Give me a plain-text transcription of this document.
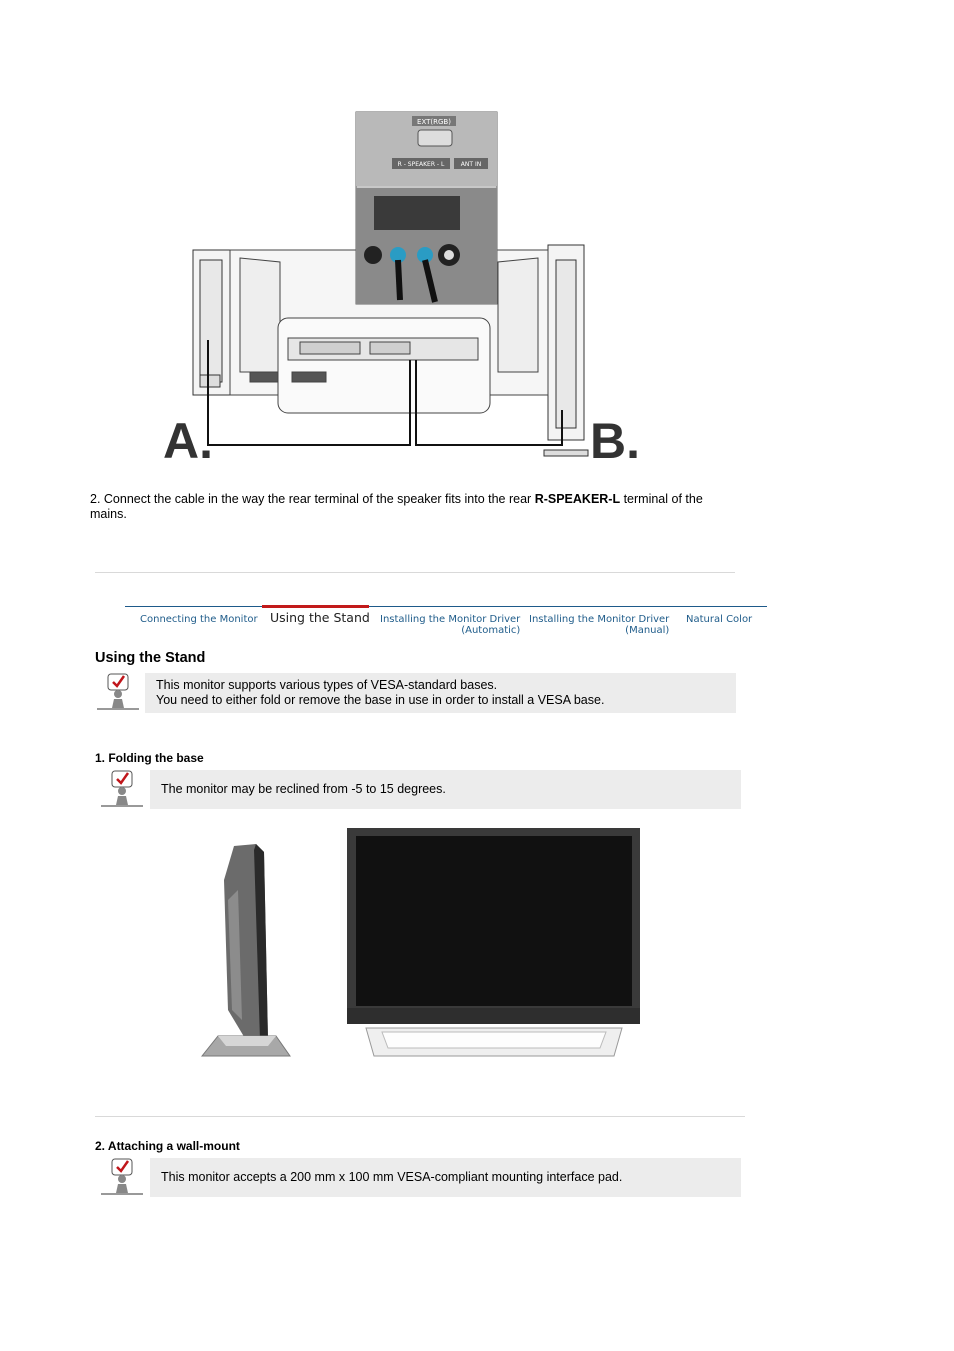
EXT(RGB)
R - SPEAKER - L	ANT IN
A.	B.
2. Connect the cable in the way the rear terminal of the speaker fits into the rear R-SPEAKER-L terminal of the mains.
Connecting the Monitor Using the Stand Installing the Monitor Driver
(Automatic)
Installing the Monitor Driver
(Manual)
Natural Color
Using the Stand
This monitor supports various types of VESA-standard bases.
You need to either fold or remove the base in use in order to install a VESA base.
1. Folding the base
The monitor may be reclined from -5 to 15 degrees.
2. Attaching a wall-mount
This monitor accepts a 200 mm x 100 mm VESA-compliant mounting interface pad.
